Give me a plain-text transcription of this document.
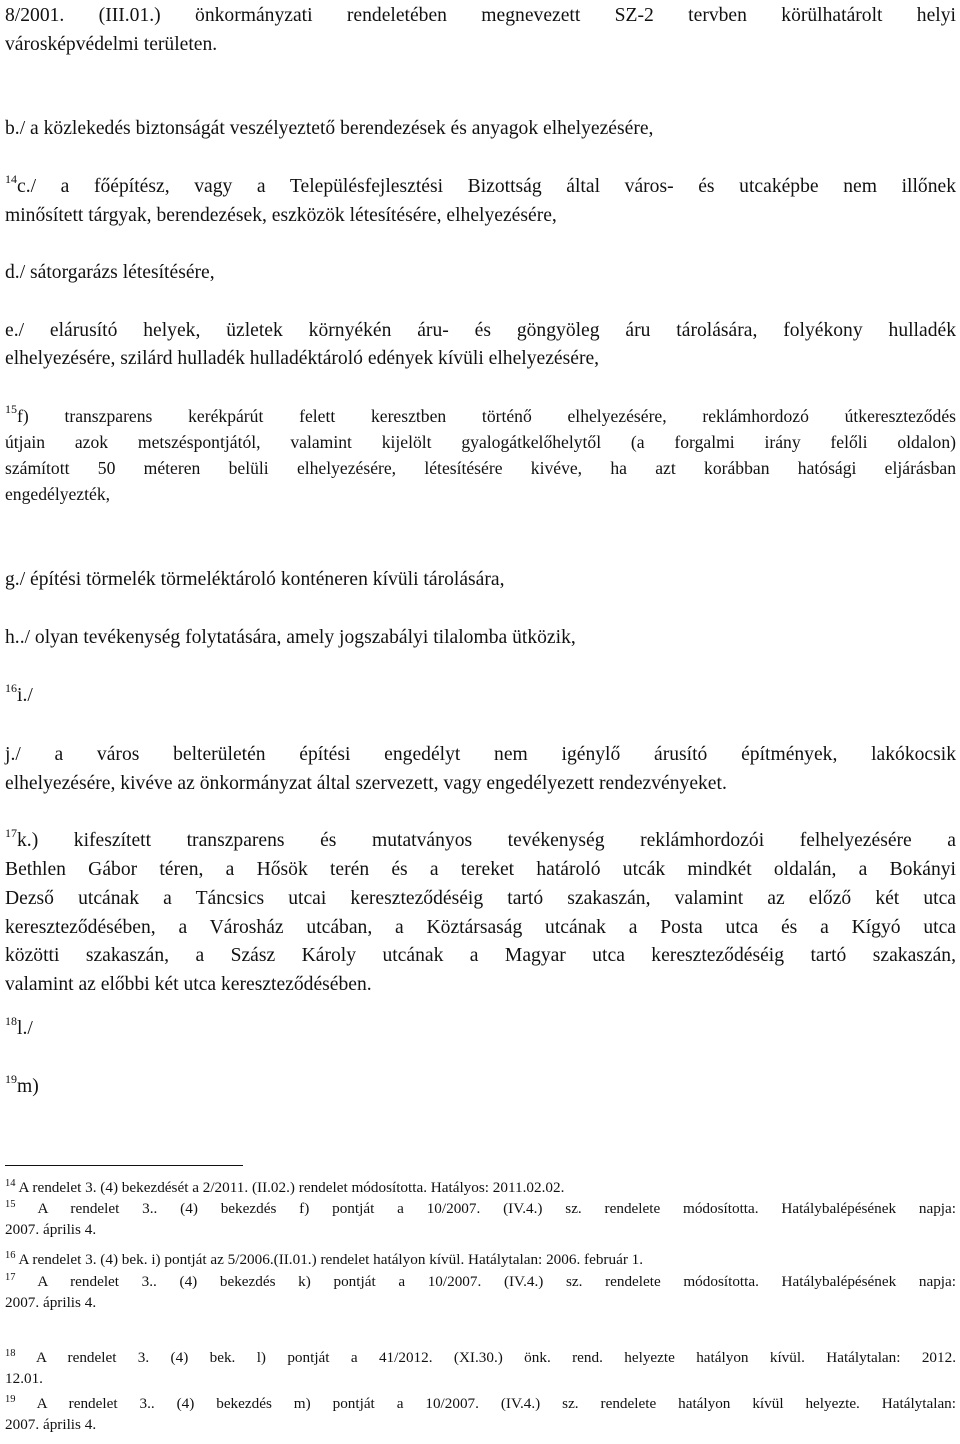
8/2001. (III.01.) önkormányzati rendeletében megnevezett SZ-2 tervben körülhatárolt helyi
városképvédelmi területen.
b./ a közlekedés biztonságát veszélyeztető berendezések és anyagok elhelyezésére,
$^{14}$c./ a főépítész, vagy a Településfejlesztési Bizottság által város- és utcaképbe nem illőnek
minősített tárgyak, berendezések, eszközök létesítésére, elhelyezésére,
d./ sátorgarázs létesítésére,
e./ elárusító helyek, üzletek környékén áru- és göngyöleg áru tárolására, folyékony hulladék
elhelyezésére, szilárd hulladék hulladéktároló edények kívüli elhelyezésére,
$^{15}$f) transzparens kerékpárút felett keresztben történő elhelyezésére, reklámhordozó útkereszteződés
útjain azok metszéspontjától, valamint kijelölt gyalogátkelőhelytől (a forgalmi irány felőli oldalon)
számított 50 méteren belüli elhelyezésére, létesítésére kivéve, ha azt korábban hatósági eljárásban
engedélyezték,
g./ építési törmelék törmeléktároló konténeren kívüli tárolására,
h../ olyan tevékenység folytatására, amely jogszabályi tilalomba ütközik,
$^{16}$i./
j./ a város belterületén építési engedélyt nem igénylő árusító építmények, lakókocsik
elhelyezésére, kivéve az önkormányzat által szervezett, vagy engedélyezett rendezvényeket.
$^{17}$k.) kifeszített transzparens és mutatványos tevékenység reklámhordozói felhelyezésére a
Bethlen Gábor téren, a Hősök terén és a tereket határoló utcák mindkét oldalán, a Bokányi
Dezső utcának a Táncsics utcai kereszteződéséig tartó szakaszán, valamint az előző két utca
kereszteződésében, a Városház utcában, a Köztársaság utcának a Posta utca és a Kígyó utca
közötti szakaszán, a Szász Károly utcának a Magyar utca kereszteződéséig tartó szakaszán,
valamint az előbbi két utca kereszteződésében.
$^{18}$l./
$^{19}$m)
$^{14}$ A rendelet 3. (4) bekezdését a 2/2011. (II.02.) rendelet módosította. Hatályos: 2011.02.02.
$^{15}$ A rendelet 3.. (4) bekezdés f) pontját a 10/2007. (IV.4.) sz. rendelete módosította. Hatálybalépésének napja:
2007. április 4.
$^{16}$ A rendelet 3. (4) bek. i) pontját az 5/2006.(II.01.) rendelet hatályon kívül. Hatálytalan: 2006. február 1.
$^{17}$ A rendelet 3.. (4) bekezdés k) pontját a 10/2007. (IV.4.) sz. rendelete módosította. Hatálybalépésének napja:
2007. április 4.
$^{18}$ A rendelet 3. (4) bek. l) pontját a 41/2012. (XI.30.) önk. rend. helyezte hatályon kívül. Hatálytalan: 2012.
12.01.
$^{19}$ A rendelet 3.. (4) bekezdés m) pontját a 10/2007. (IV.4.) sz. rendelete hatályon kívül helyezte. Hatálytalan:
2007. április 4.
